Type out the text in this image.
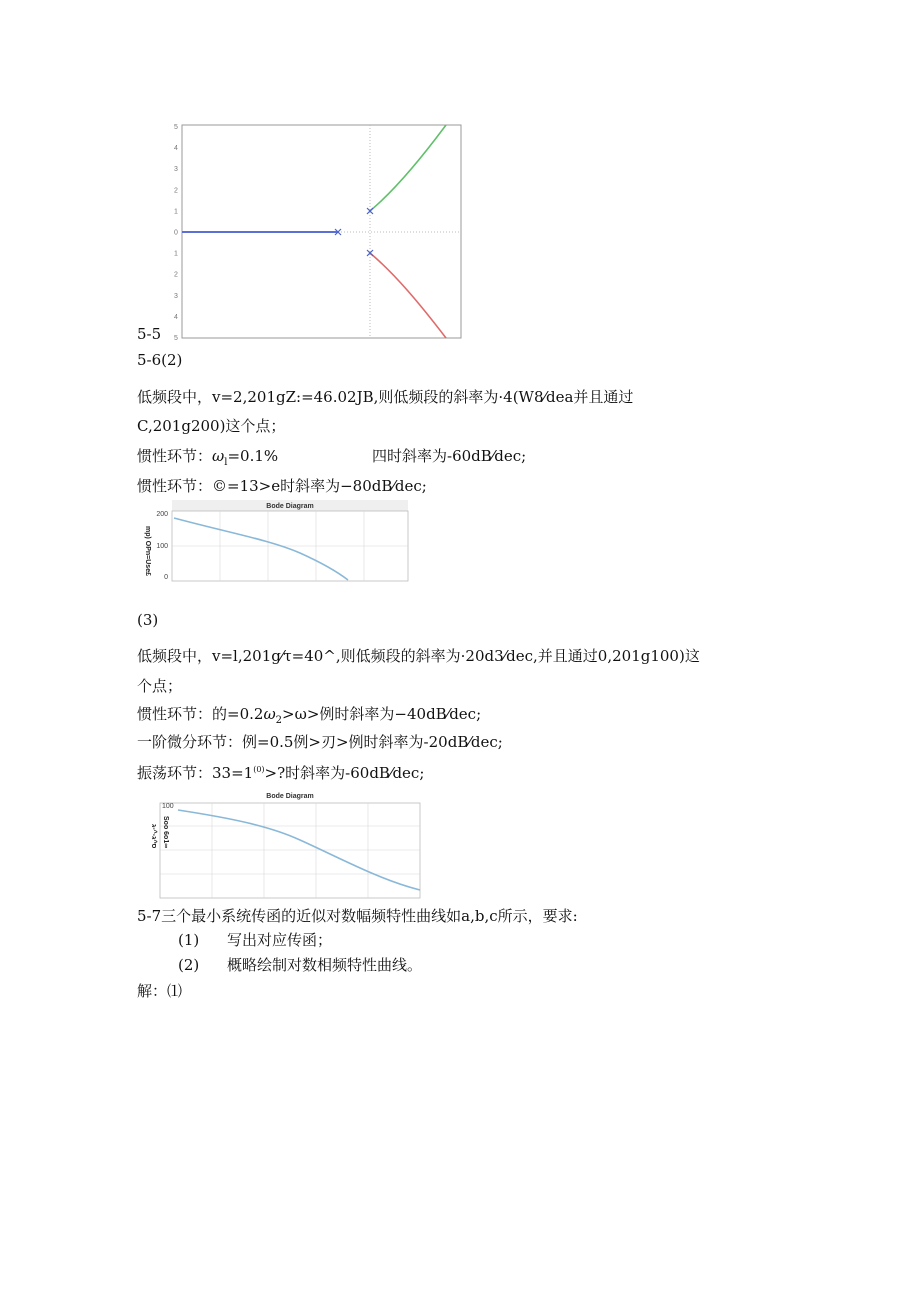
5
4
3
2
1
0
1
2
3
4
5
5-5
5-6(2)
低频段中，v=2,201gZ:=46.02JB,则低频段的斜率为·4(W8⁄dea并且通过
C,201g200)这个点；
惯性环节：$\omega_l=0.1\%$	四时斜率为-60dB⁄dec;
惯性环节：©=13>e时斜率为−80dB⁄dec;
Bode Diagram
200
100
0
mp) OPn=Use£
(3)
低频段中，v=l,201g⁄τ=40^,则低频段的斜率为·20d3⁄dec,并且通过0,201g100)这
个点；
惯性环节：的$=0.2\omega_2>\omega>$例时斜率为−40dB⁄dec;
一阶微分环节：例=0.5例>刃>例时斜率为-20dB⁄dec;
振荡环节：$33=1^{(0)}>$?时斜率为-60dB⁄dec;
Bode Diagram
100
Soo 6o1∞
ס^ג-^-ג
5-7三个最小系统传函的近似对数幅频特性曲线如a,b,c所示，要求:
(1) 写出对应传函；
(2) 概略绘制对数相频特性曲线。
解：⑴
